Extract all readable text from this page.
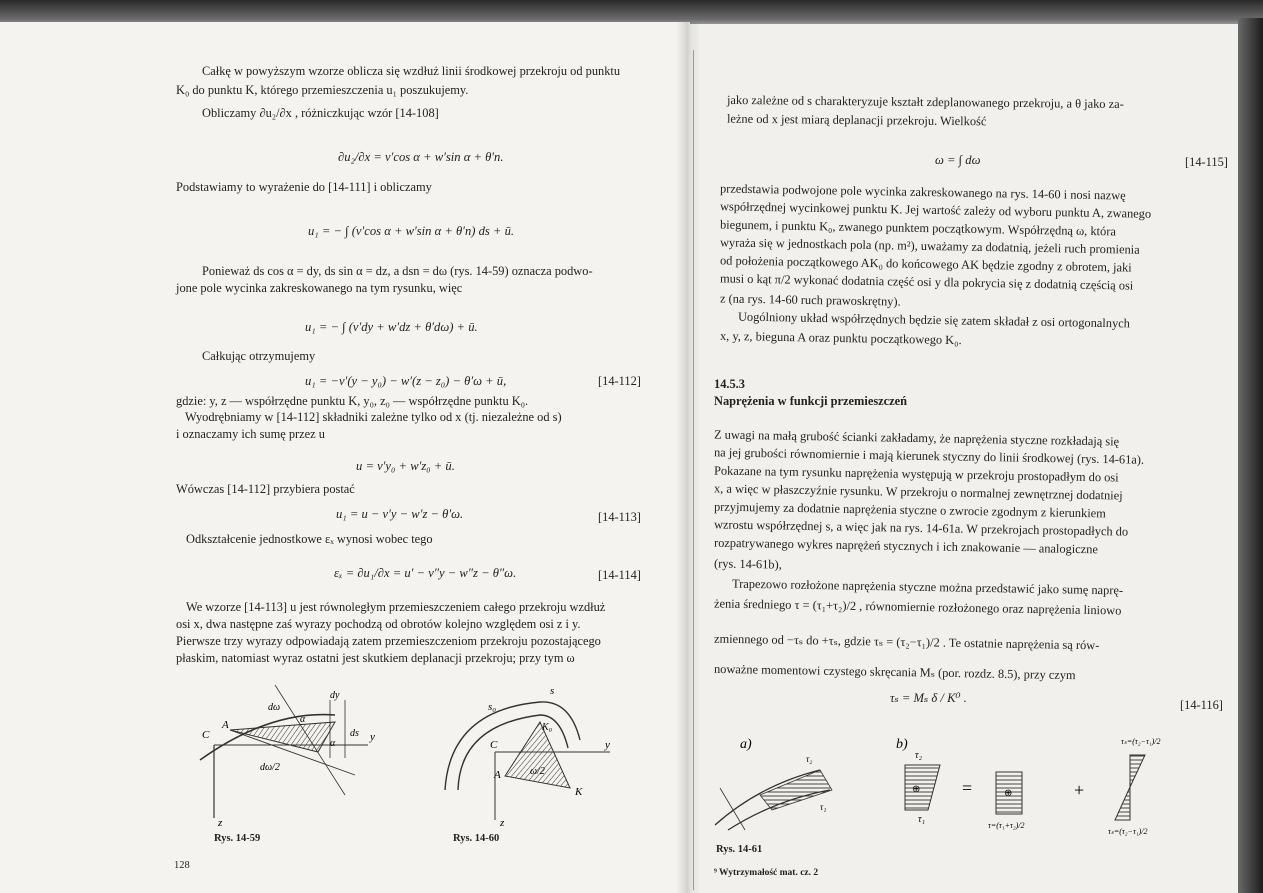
Całkę w powyższym wzorze oblicza się wzdłuż linii środkowej przekroju od punktu
K₀ do punktu K, którego przemieszczenia u₁ poszukujemy.
Obliczamy ∂u₂/∂x , różniczkując wzór [14-108]
∂u₂/∂x = v′cos α + w′sin α + θ′n.
Podstawiamy to wyrażenie do [14-111] i obliczamy
u₁ = − ∫ (v′cos α + w′sin α + θ′n) ds + ū.
Ponieważ ds cos α = dy, ds sin α = dz, a dsn = dω (rys. 14-59) oznacza podwo-
jone pole wycinka zakreskowanego na tym rysunku, więc
u₁ = − ∫ (v′dy + w′dz + θ′dω) + ū.
Całkując otrzymujemy
u₁ = −v′(y − y₀) − w′(z − z₀) − θ′ω + ū,	[14-112]
gdzie: y, z — współrzędne punktu K, y₀, z₀ — współrzędne punktu K₀.
Wyodrębniamy w [14-112] składniki zależne tylko od x (tj. niezależne od s)
i oznaczamy ich sumę przez u
u = v′y₀ + w′z₀ + ū.
Wówczas [14-112] przybiera postać
u₁ = u − v′y − w′z − θ′ω.	[14-113]
Odkształcenie jednostkowe εₓ wynosi wobec tego
εₓ = ∂u₁/∂x = u′ − v″y − w″z − θ″ω.	[14-114]
We wzorze [14-113] u jest równoległym przemieszczeniem całego przekroju wzdłuż
osi x, dwa następne zaś wyrazy pochodzą od obrotów kolejno względem osi z i y.
Pierwsze trzy wyrazy odpowiadają zatem przemieszczeniom przekroju pozostającego
płaskim, natomiast wyraz ostatni jest skutkiem deplanacji przekroju; przy tym ω
C
A
dy
α
dω
ds y
dω/2
z
α
Rys. 14-59
s
s₀
C
A
K₀
K
y
ω/2
z
Rys. 14-60
128
jako zależne od s charakteryzuje kształt zdeplanowanego przekroju, a θ jako za-
leżne od x jest miarą deplanacji przekroju. Wielkość
ω = ∫ dω	[14-115]
przedstawia podwojone pole wycinka zakreskowanego na rys. 14-60 i nosi nazwę
współrzędnej wycinkowej punktu K. Jej wartość zależy od wyboru punktu A, zwanego
biegunem, i punktu K₀, zwanego punktem początkowym. Współrzędną ω, która
wyraża się w jednostkach pola (np. m²), uważamy za dodatnią, jeżeli ruch promienia
od położenia początkowego AK₀ do końcowego AK będzie zgodny z obrotem, jaki
musi o kąt π/2 wykonać dodatnia część osi y dla pokrycia się z dodatnią częścią osi
z (na rys. 14-60 ruch prawoskrętny).
Uogólniony układ współrzędnych będzie się zatem składał z osi ortogonalnych
x, y, z, bieguna A oraz punktu początkowego K₀.
14.5.3
Naprężenia w funkcji przemieszczeń
Z uwagi na małą grubość ścianki zakładamy, że naprężenia styczne rozkładają się
na jej grubości równomiernie i mają kierunek styczny do linii środkowej (rys. 14-61a).
Pokazane na tym rysunku naprężenia występują w przekroju prostopadłym do osi
x, a więc w płaszczyźnie rysunku. W przekroju o normalnej zewnętrznej dodatniej
przyjmujemy za dodatnie naprężenia styczne o zwrocie zgodnym z kierunkiem
wzrostu współrzędnej s, a więc jak na rys. 14-61a. W przekrojach prostopadłych do
rozpatrywanego wykres naprężeń stycznych i ich znakowanie — analogiczne
(rys. 14-61b),
Trapezowo rozłożone naprężenia styczne można przedstawić jako sumę naprę-
żenia średniego τ = (τ₁+τ₂)/2 , równomiernie rozłożonego oraz naprężenia liniowo
zmiennego od −τₛ do +τₛ, gdzie τₛ = (τ₂−τ₁)/2 . Te ostatnie naprężenia są rów-
noważne momentowi czystego skręcania Mₛ (por. rozdz. 8.5), przy czym
τₛ = Mₛ δ / K⁰ .	[14-116]
a)	b)
τ₂
τ₁
τ₂
τ₁
⊕ =	⊕
τ=(τ₁+τ₂)/2
+
τₛ=(τ₂−τ₁)/2
τₛ=(τ₂−τ₁)/2
Rys. 14-61
⁹ Wytrzymałość mat. cz. 2
